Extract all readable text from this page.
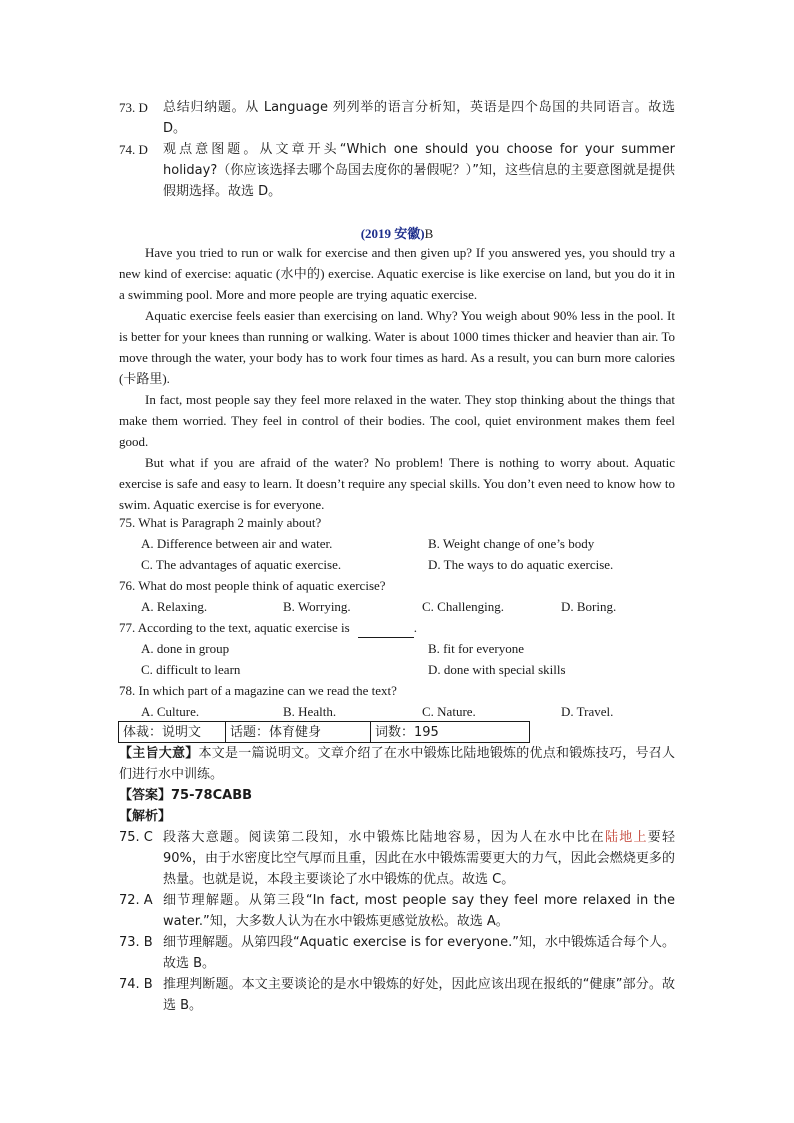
73. D	总结归纳题。从 Language 列列举的语言分析知，英语是四个岛国的共同语言。故选 D。
74. D	观点意图题。从文章开头“Which one should you choose for your summer holiday?（你应该选择去哪个岛国去度你的暑假呢？）”知，这些信息的主要意图就是提供假期选择。故选 D。
(2019 安徽)B

Have you tried to run or walk for exercise and then given up? If you answered yes, you should try a new kind of exercise: aquatic (水中的) exercise. Aquatic exercise is like exercise on land, but you do it in a swimming pool. More and more people are trying aquatic exercise.

Aquatic exercise feels easier than exercising on land. Why? You weigh about 90% less in the pool. It is better for your knees than running or walking. Water is about 1000 times thicker and heavier than air. To move through the water, your body has to work four times as hard. As a result, you can burn more calories (卡路里).

In fact, most people say they feel more relaxed in the water. They stop thinking about the things that make them worried. They feel in control of their bodies. The cool, quiet environment makes them feel good.

But what if you are afraid of the water? No problem! There is nothing to worry about. Aquatic exercise is safe and easy to learn. It doesn’t require any special skills. You don’t even need to know how to swim. Aquatic exercise is for everyone.

75. What is Paragraph 2 mainly about?

A. Difference between air and water.	B. Weight change of one’s body
C. The advantages of aquatic exercise.	D. The ways to do aquatic exercise.

76. What do most people think of aquatic exercise?

A. Relaxing.	B. Worrying.	C. Challenging.	D. Boring.

77. According to the text, aquatic exercise is	.

A. done in group	B. fit for everyone
C. difficult to learn	D. done with special skills

78. In which part of a magazine can we read the text?

A. Culture.	B. Health.	C. Nature.	D. Travel.
体裁：说明文	话题：体育健身	词数：195

【主旨大意】本文是一篇说明文。文章介绍了在水中锻炼比陆地锻炼的优点和锻炼技巧，号召人们进行水中训练。

【答案】75-78CABB

【解析】

75. C 段落大意题。阅读第二段知，水中锻炼比陆地容易，因为人在水中比在陆地上要轻 90%，由于水密度比空气厚而且重，因此在水中锻炼需要更大的力气，因此会燃烧更多的热量。也就是说，本段主要谈论了水中锻炼的优点。故选 C。
72. A 细节理解题。从第三段“In fact, most people say they feel more relaxed in the water.”知，大多数人认为在水中锻炼更感觉放松。故选 A。
73. B 细节理解题。从第四段“Aquatic exercise is for everyone.”知，水中锻炼适合每个人。故选 B。
74. B 推理判断题。本文主要谈论的是水中锻炼的好处，因此应该出现在报纸的“健康”部分。故选 B。
